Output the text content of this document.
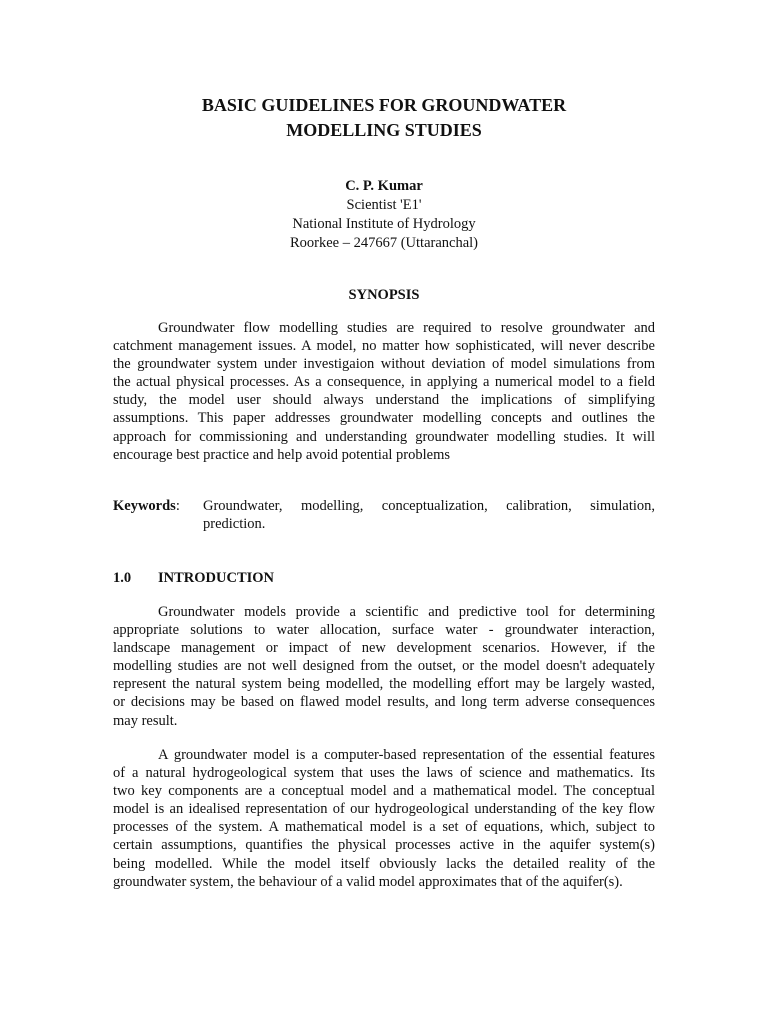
BASIC GUIDELINES FOR GROUNDWATER
MODELLING STUDIES
C. P. Kumar
Scientist 'E1'
National Institute of Hydrology
Roorkee – 247667 (Uttaranchal)
SYNOPSIS
Groundwater flow modelling studies are required to resolve groundwater and
catchment management issues. A model, no matter how sophisticated, will never describe
the groundwater system under investigaion without deviation of model simulations from
the actual physical processes. As a consequence, in applying a numerical model to a field
study, the model user should always understand the implications of simplifying
assumptions. This paper addresses groundwater modelling concepts and outlines the
approach for commissioning and understanding groundwater modelling studies. It will
encourage best practice and help avoid potential problems
Keywords: Groundwater, modelling, conceptualization, calibration, simulation,
prediction.
1.0 INTRODUCTION
Groundwater models provide a scientific and predictive tool for determining
appropriate solutions to water allocation, surface water - groundwater interaction,
landscape management or impact of new development scenarios. However, if the
modelling studies are not well designed from the outset, or the model doesn't adequately
represent the natural system being modelled, the modelling effort may be largely wasted,
or decisions may be based on flawed model results, and long term adverse consequences
may result.
A groundwater model is a computer-based representation of the essential features
of a natural hydrogeological system that uses the laws of science and mathematics. Its
two key components are a conceptual model and a mathematical model. The conceptual
model is an idealised representation of our hydrogeological understanding of the key flow
processes of the system. A mathematical model is a set of equations, which, subject to
certain assumptions, quantifies the physical processes active in the aquifer system(s)
being modelled. While the model itself obviously lacks the detailed reality of the
groundwater system, the behaviour of a valid model approximates that of the aquifer(s).
